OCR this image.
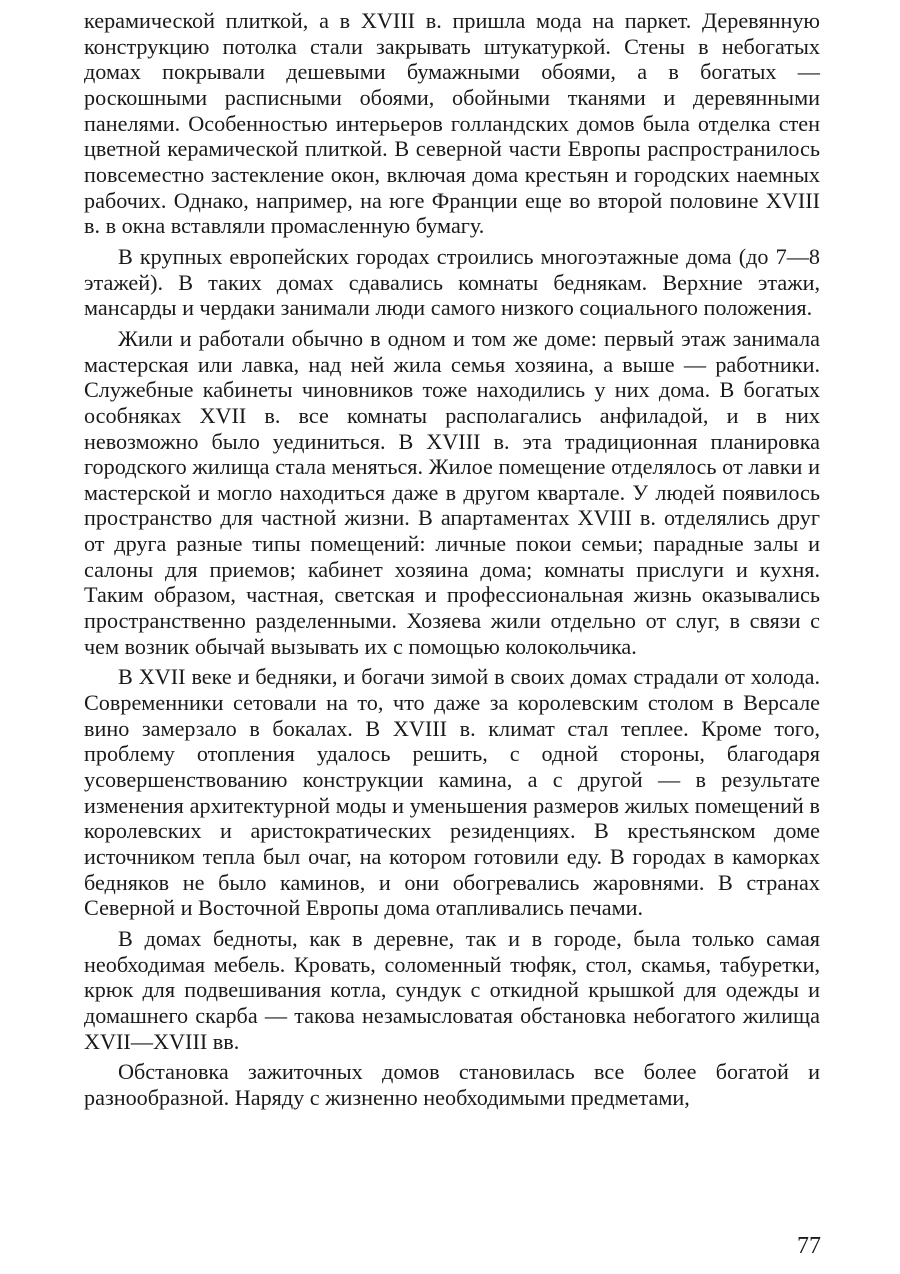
керамической плиткой, а в XVIII в. пришла мода на паркет. Деревянную конструкцию потолка стали закрывать штукатуркой. Стены в небогатых домах покрывали дешевыми бумажными обоями, а в богатых — роскошными расписными обоями, обойными тканями и деревянными панелями. Особенностью интерьеров голландских домов была отделка стен цветной керамической плиткой. В северной части Европы распространилось повсеместно застекление окон, включая дома крестьян и городских наемных рабочих. Однако, например, на юге Франции еще во второй половине XVIII в. в окна вставляли промасленную бумагу.

В крупных европейских городах строились многоэтажные дома (до 7—8 этажей). В таких домах сдавались комнаты беднякам. Верхние этажи, мансарды и чердаки занимали люди самого низкого социального положения.

Жили и работали обычно в одном и том же доме: первый этаж занимала мастерская или лавка, над ней жила семья хозяина, а выше — работники. Служебные кабинеты чиновников тоже находились у них дома. В богатых особняках XVII в. все комнаты располагались анфиладой, и в них невозможно было уединиться. В XVIII в. эта традиционная планировка городского жилища стала меняться. Жилое помещение отделялось от лавки и мастерской и могло находиться даже в другом квартале. У людей появилось пространство для частной жизни. В апартаментах XVIII в. отделялись друг от друга разные типы помещений: личные покои семьи; парадные залы и салоны для приемов; кабинет хозяина дома; комнаты прислуги и кухня. Таким образом, частная, светская и профессиональная жизнь оказывались пространственно разделенными. Хозяева жили отдельно от слуг, в связи с чем возник обычай вызывать их с помощью колокольчика.

В XVII веке и бедняки, и богачи зимой в своих домах страдали от холода. Современники сетовали на то, что даже за королевским столом в Версале вино замерзало в бокалах. В XVIII в. климат стал теплее. Кроме того, проблему отопления удалось решить, с одной стороны, благодаря усовершенствованию конструкции камина, а с другой — в результате изменения архитектурной моды и уменьшения размеров жилых помещений в королевских и аристократических резиденциях. В крестьянском доме источником тепла был очаг, на котором готовили еду. В городах в каморках бедняков не было каминов, и они обогревались жаровнями. В странах Северной и Восточной Европы дома отапливались печами.

В домах бедноты, как в деревне, так и в городе, была только самая необходимая мебель. Кровать, соломенный тюфяк, стол, скамья, табуретки, крюк для подвешивания котла, сундук с откидной крышкой для одежды и домашнего скарба — такова незамысловатая обстановка небогатого жилища XVII—XVIII вв.

Обстановка зажиточных домов становилась все более богатой и разнообразной. Наряду с жизненно необходимыми предметами,

77
